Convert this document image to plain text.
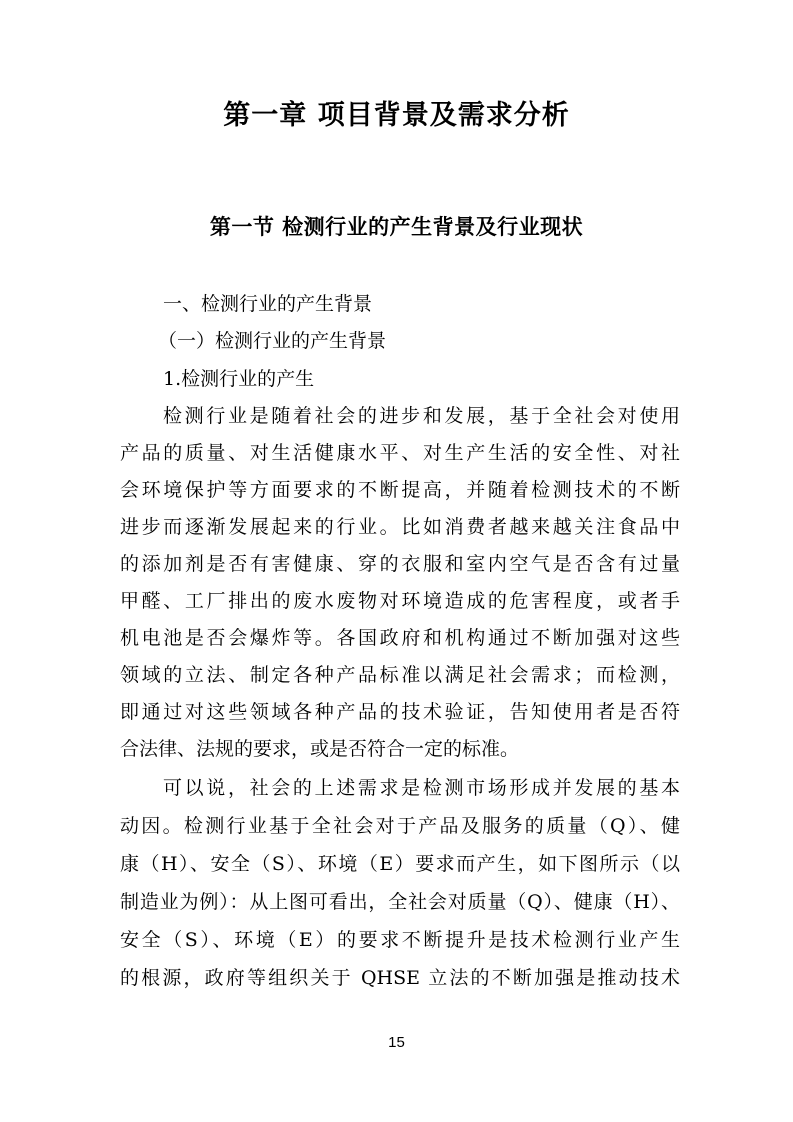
第一章 项目背景及需求分析
第一节 检测行业的产生背景及行业现状
一、检测行业的产生背景
（一）检测行业的产生背景
1.检测行业的产生
检测行业是随着社会的进步和发展，基于全社会对使用
产品的质量、对生活健康水平、对生产生活的安全性、对社
会环境保护等方面要求的不断提高，并随着检测技术的不断
进步而逐渐发展起来的行业。比如消费者越来越关注食品中
的添加剂是否有害健康、穿的衣服和室内空气是否含有过量
甲醛、工厂排出的废水废物对环境造成的危害程度，或者手
机电池是否会爆炸等。各国政府和机构通过不断加强对这些
领域的立法、制定各种产品标准以满足社会需求；而检测，
即通过对这些领域各种产品的技术验证，告知使用者是否符
合法律、法规的要求，或是否符合一定的标准。
可以说，社会的上述需求是检测市场形成并发展的基本
动因。检测行业基于全社会对于产品及服务的质量（Q）、健
康（H）、安全（S）、环境（E）要求而产生，如下图所示（以
制造业为例）：从上图可看出，全社会对质量（Q）、健康（H）、
安全（S）、环境（E）的要求不断提升是技术检测行业产生
的根源，政府等组织关于 QHSE 立法的不断加强是推动技术
15
